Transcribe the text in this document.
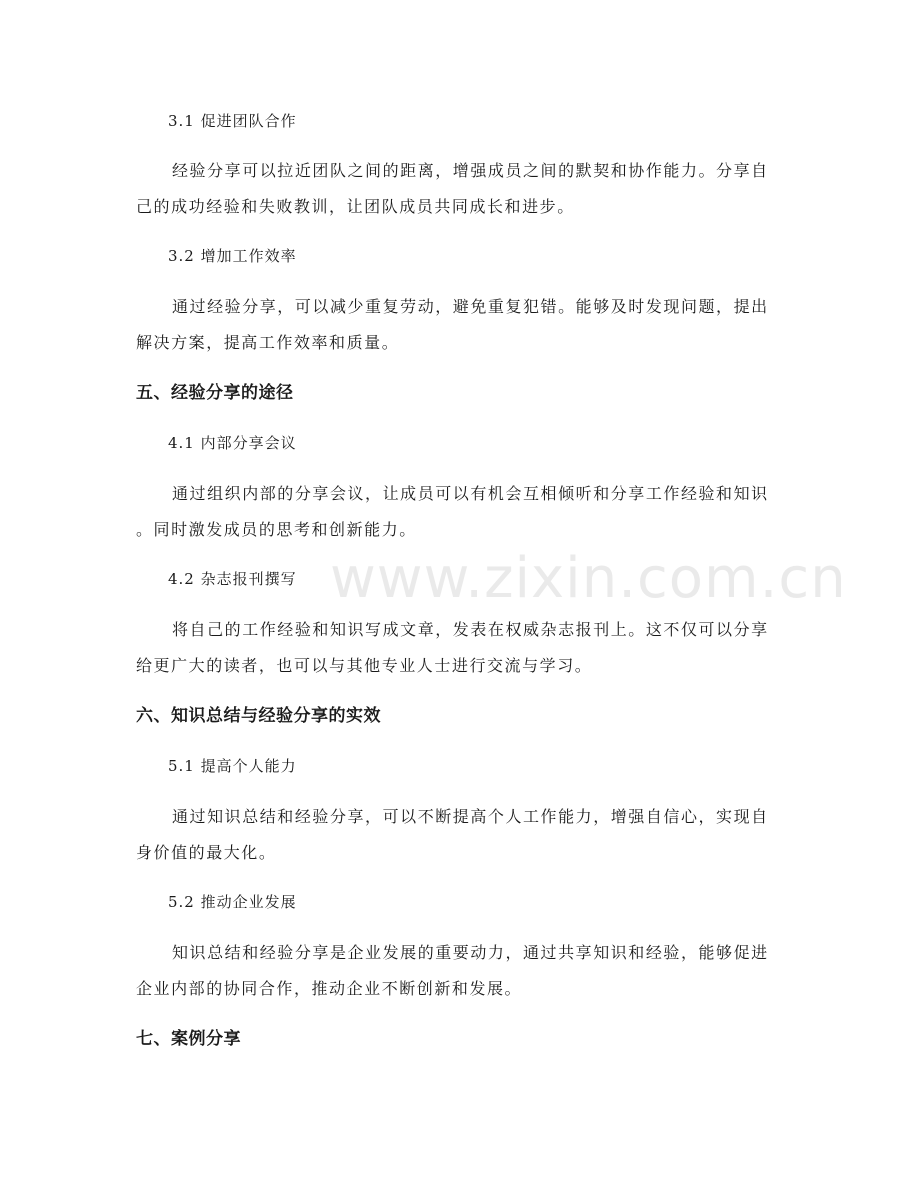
3.1 促进团队合作
经验分享可以拉近团队之间的距离，增强成员之间的默契和协作能力。分享自
己的成功经验和失败教训，让团队成员共同成长和进步。
3.2 增加工作效率
通过经验分享，可以减少重复劳动，避免重复犯错。能够及时发现问题，提出
解决方案，提高工作效率和质量。
五、经验分享的途径
4.1 内部分享会议
通过组织内部的分享会议，让成员可以有机会互相倾听和分享工作经验和知识
。同时激发成员的思考和创新能力。
4.2 杂志报刊撰写
将自己的工作经验和知识写成文章，发表在权威杂志报刊上。这不仅可以分享
给更广大的读者，也可以与其他专业人士进行交流与学习。
六、知识总结与经验分享的实效
5.1 提高个人能力
通过知识总结和经验分享，可以不断提高个人工作能力，增强自信心，实现自
身价值的最大化。
5.2 推动企业发展
知识总结和经验分享是企业发展的重要动力，通过共享知识和经验，能够促进
企业内部的协同合作，推动企业不断创新和发展。
七、案例分享
www.zixin.com.cn
